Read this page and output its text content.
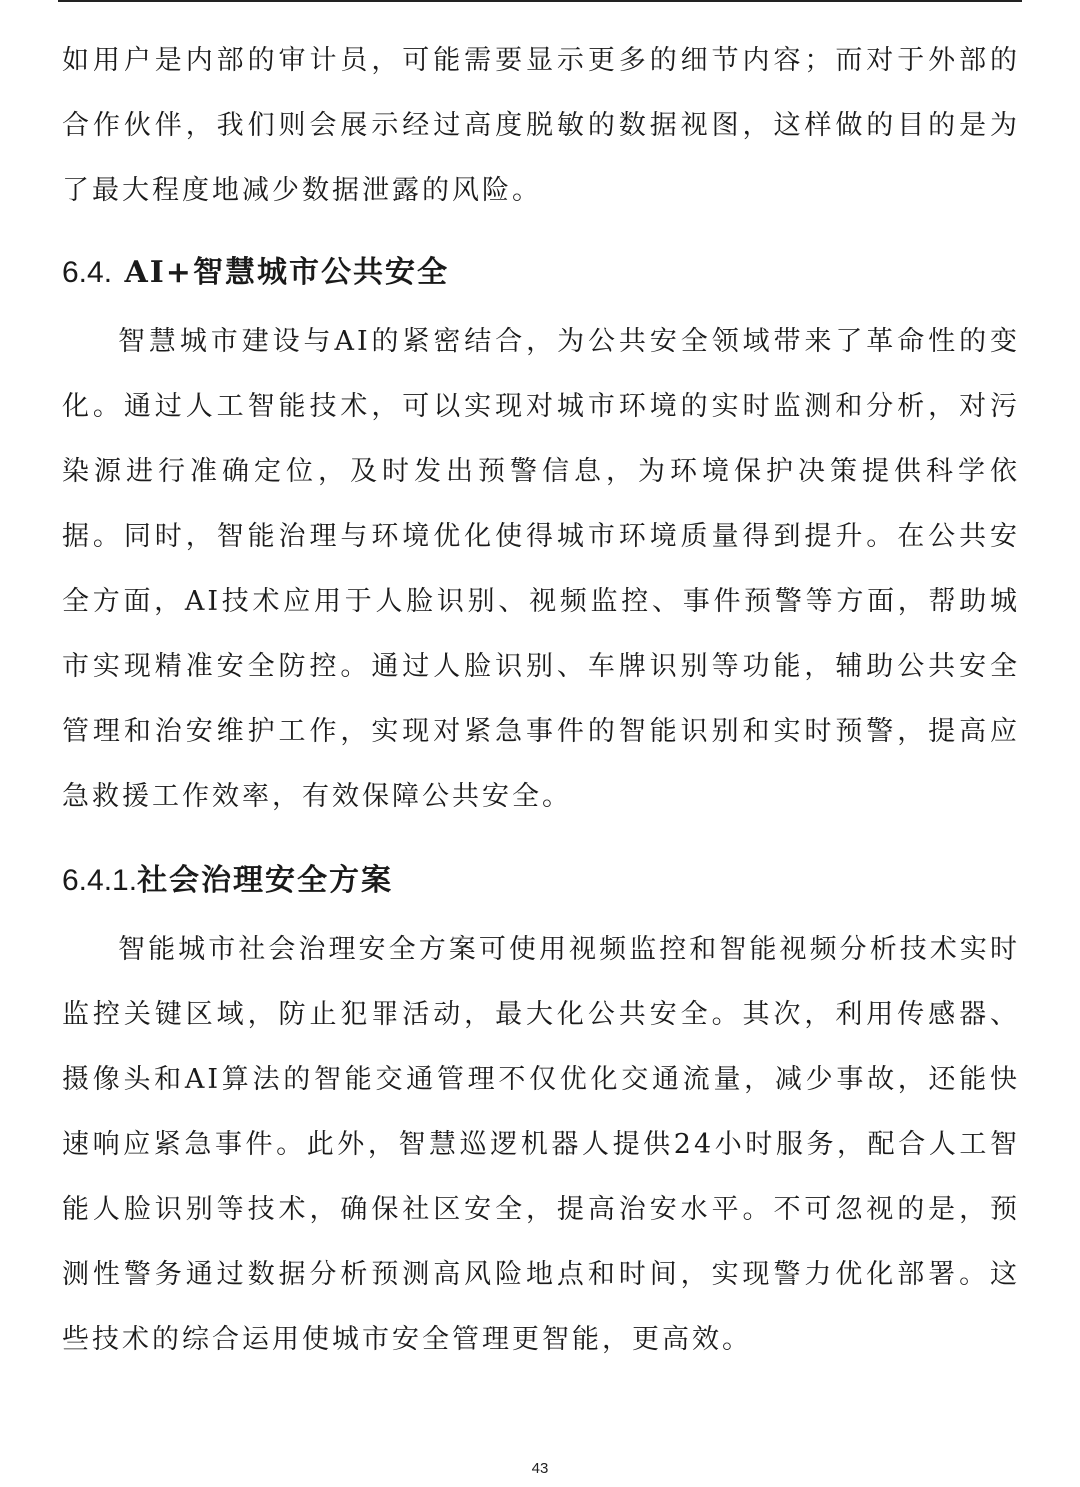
如用户是内部的审计员，可能需要显示更多的细节内容；而对于外部的合作伙伴，我们则会展示经过高度脱敏的数据视图，这样做的目的是为了最大程度地减少数据泄露的风险。

6.4. AI+智慧城市公共安全

智慧城市建设与AI的紧密结合，为公共安全领域带来了革命性的变化。通过人工智能技术，可以实现对城市环境的实时监测和分析，对污染源进行准确定位，及时发出预警信息，为环境保护决策提供科学依据。同时，智能治理与环境优化使得城市环境质量得到提升。在公共安全方面，AI技术应用于人脸识别、视频监控、事件预警等方面，帮助城市实现精准安全防控。通过人脸识别、车牌识别等功能，辅助公共安全管理和治安维护工作，实现对紧急事件的智能识别和实时预警，提高应急救援工作效率，有效保障公共安全。

6.4.1.社会治理安全方案

智能城市社会治理安全方案可使用视频监控和智能视频分析技术实时监控关键区域，防止犯罪活动，最大化公共安全。其次，利用传感器、摄像头和AI算法的智能交通管理不仅优化交通流量，减少事故，还能快速响应紧急事件。此外，智慧巡逻机器人提供24小时服务，配合人工智能人脸识别等技术，确保社区安全，提高治安水平。不可忽视的是，预测性警务通过数据分析预测高风险地点和时间，实现警力优化部署。这些技术的综合运用使城市安全管理更智能，更高效。

43
